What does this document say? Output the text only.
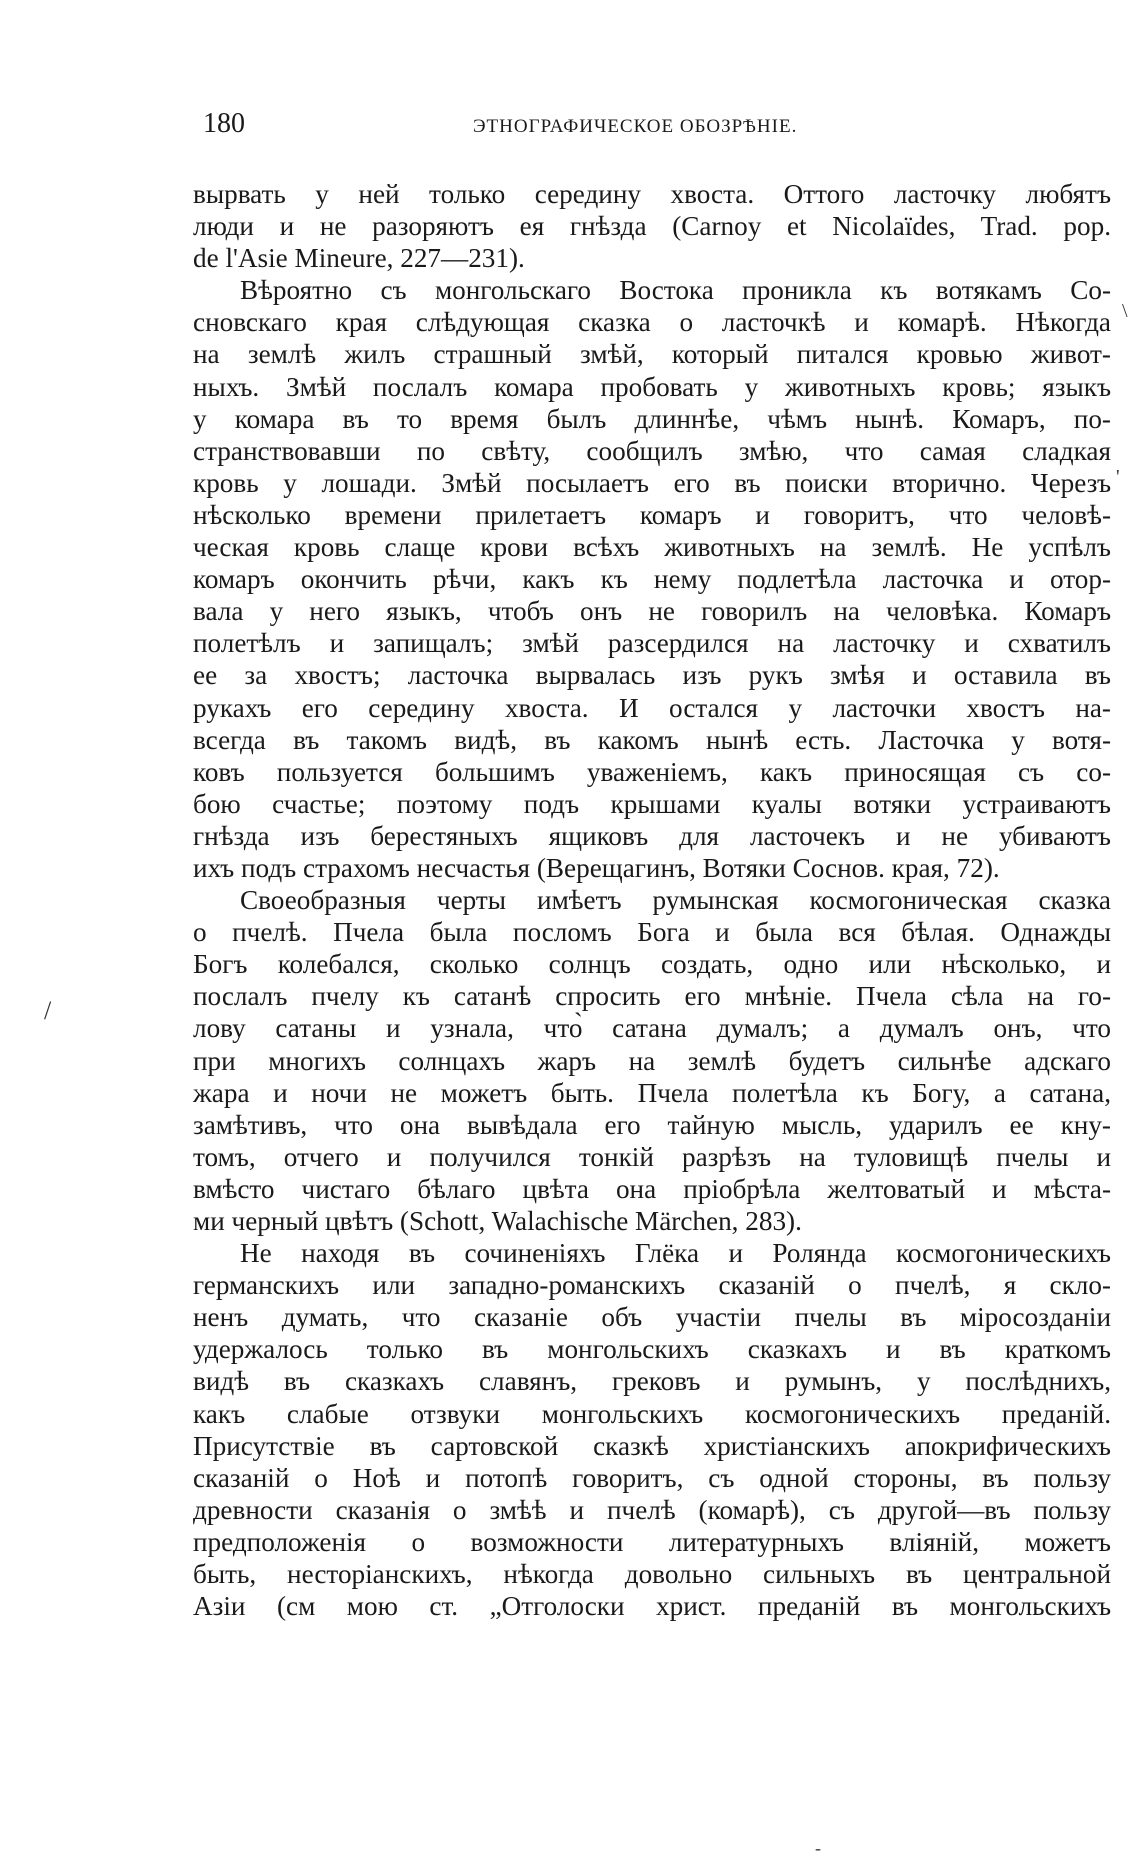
180	ЭТНОГРАФИЧЕСКОЕ ОБОЗРѢНІЕ.
вырвать у ней только середину хвоста. Оттого ласточку любятъ
люди и не разоряютъ ея гнѣзда (Carnoy et Nicolaïdes, Trad. pop.
de l'Asie Mineure, 227—231).
Вѣроятно съ монгольскаго Востока проникла къ вотякамъ Со-
сновскаго края слѣдующая сказка о ласточкѣ и комарѣ. Нѣкогда
на землѣ жилъ страшный змѣй, который питался кровью живот-
ныхъ. Змѣй послалъ комара пробовать у животныхъ кровь; языкъ
у комара въ то время былъ длиннѣе, чѣмъ нынѣ. Комаръ, по-
странствовавши по свѣту, сообщилъ змѣю, что самая сладкая
кровь у лошади. Змѣй посылаетъ его въ поиски вторично. Черезъ
нѣсколько времени прилетаетъ комаръ и говоритъ, что человѣ-
ческая кровь слаще крови всѣхъ животныхъ на землѣ. Не успѣлъ
комаръ окончить рѣчи, какъ къ нему подлетѣла ласточка и отор-
вала у него языкъ, чтобъ онъ не говорилъ на человѣка. Комаръ
полетѣлъ и запищалъ; змѣй разсердился на ласточку и схватилъ
ее за хвостъ; ласточка вырвалась изъ рукъ змѣя и оставила въ
рукахъ его середину хвоста. И остался у ласточки хвостъ на-
всегда въ такомъ видѣ, въ какомъ нынѣ есть. Ласточка у вотя-
ковъ пользуется большимъ уваженіемъ, какъ приносящая съ со-
бою счастье; поэтому подъ крышами куалы вотяки устраиваютъ
гнѣзда изъ берестяныхъ ящиковъ для ласточекъ и не убиваютъ
ихъ подъ страхомъ несчастья (Верещагинъ, Вотяки Соснов. края, 72).
Своеобразныя черты имѣетъ румынская космогоническая сказка
о пчелѣ. Пчела была посломъ Бога и была вся бѣлая. Однажды
Богъ колебался, сколько солнцъ создать, одно или нѣсколько, и
послалъ пчелу къ сатанѣ спросить его мнѣніе. Пчела сѣла на го-
лову сатаны и узнала, что̀ сатана думалъ; а думалъ онъ, что
при многихъ солнцахъ жаръ на землѣ будетъ сильнѣе адскаго
жара и ночи не можетъ быть. Пчела полетѣла къ Богу, а сатана,
замѣтивъ, что она вывѣдала его тайную мысль, ударилъ ее кну-
томъ, отчего и получился тонкій разрѣзъ на туловищѣ пчелы и
вмѣсто чистаго бѣлаго цвѣта она пріобрѣла желтоватый и мѣста-
ми черный цвѣтъ (Schott, Walachische Märchen, 283).
Не находя въ сочиненіяхъ Глёка и Ролянда космогоническихъ
германскихъ или западно-романскихъ сказаній о пчелѣ, я скло-
ненъ думать, что сказаніе объ участіи пчелы въ міросозданіи
удержалось только въ монгольскихъ сказкахъ и въ краткомъ
видѣ въ сказкахъ славянъ, грековъ и румынъ, у послѣднихъ,
какъ слабые отзвуки монгольскихъ космогоническихъ преданій.
Присутствіе въ сартовской сказкѣ христіанскихъ апокрифическихъ
сказаній о Ноѣ и потопѣ говоритъ, съ одной стороны, въ пользу
древности сказанія о змѣѣ и пчелѣ (комарѣ), съ другой—въ пользу
предположенія о возможности литературныхъ вліяній, можетъ
быть, несторіанскихъ, нѣкогда довольно сильныхъ въ центральной
Азіи (см мою ст. „Отголоски христ. преданій въ монгольскихъ
\
'
/
-
